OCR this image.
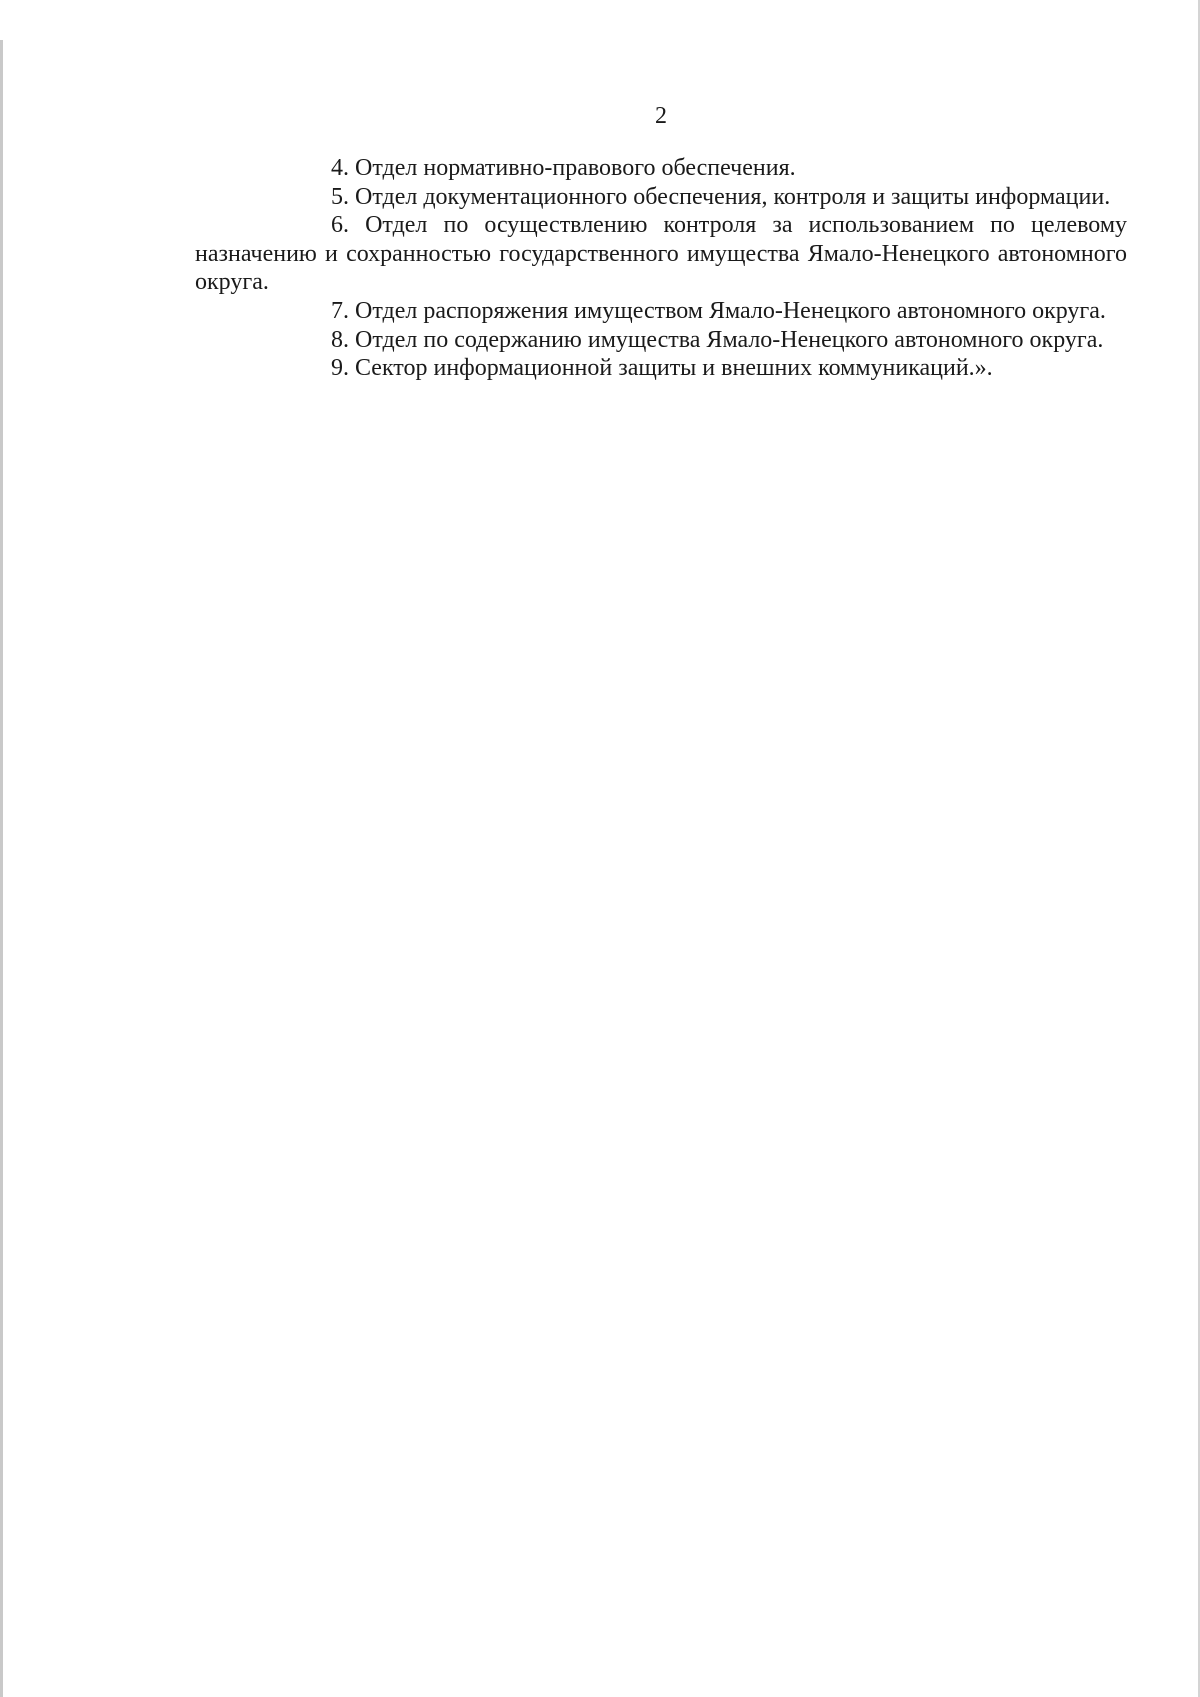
2

4. Отдел нормативно-правового обеспечения.

5. Отдел документационного обеспечения, контроля и защиты информации.

6. Отдел по осуществлению контроля за использованием по целевому назначению и сохранностью государственного имущества Ямало-Ненецкого автономного округа.

7. Отдел распоряжения имуществом Ямало-Ненецкого автономного округа.

8. Отдел по содержанию имущества Ямало-Ненецкого автономного округа.

9. Сектор информационной защиты и внешних коммуникаций.».
